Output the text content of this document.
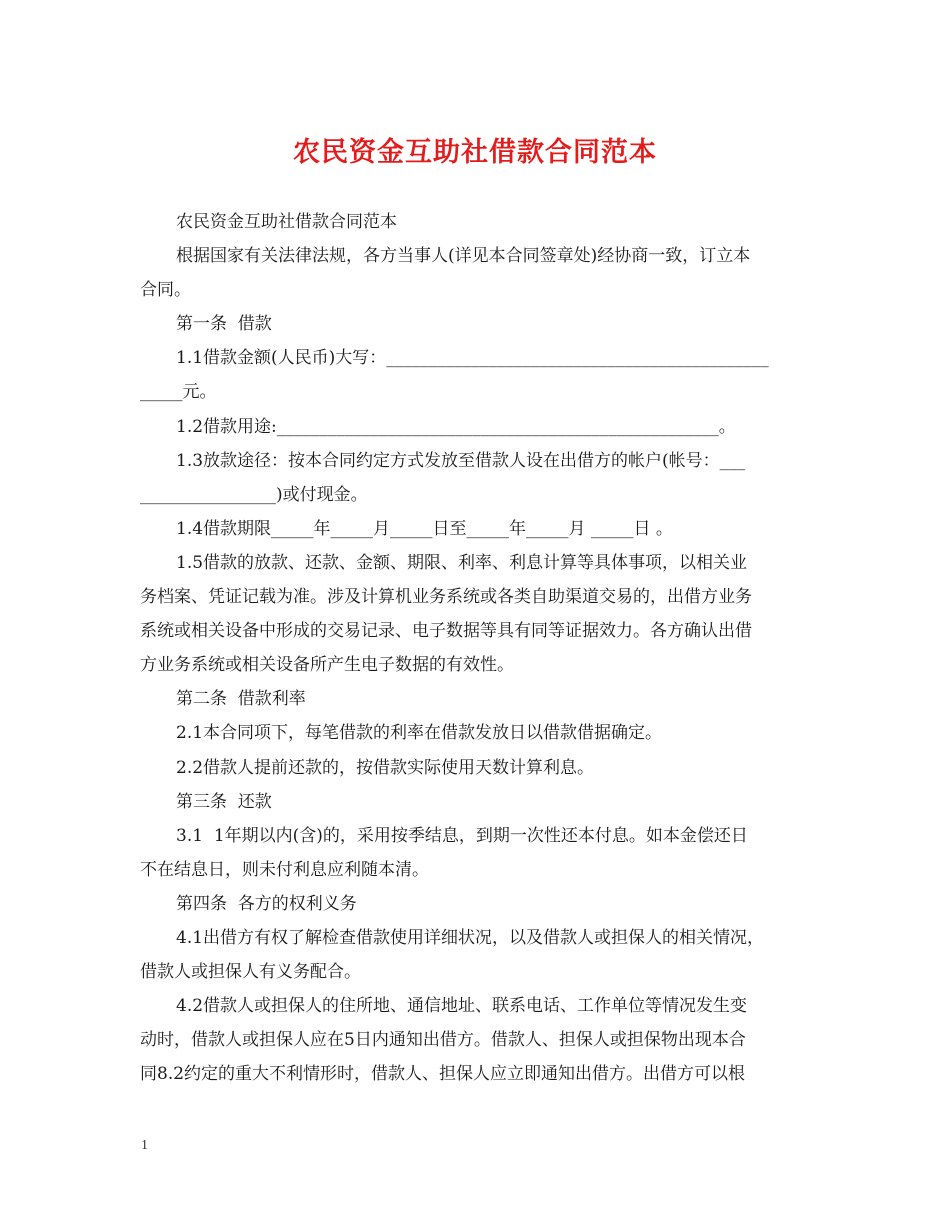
农民资金互助社借款合同范本
农民资金互助社借款合同范本
根据国家有关法律法规，各方当事人(详见本合同签章处)经协商一致，订立本
合同。
第一条  借款
1.1借款金额(人民币)大写：_____________________________________________
_____元。
1.2借款用途:____________________________________________________。
1.3放款途径：按本合同约定方式发放至借款人设在出借方的帐户(帐号：___
________________)或付现金。
1.4借款期限_____年_____月_____日至_____年_____月 _____日 。
1.5借款的放款、还款、金额、期限、利率、利息计算等具体事项，以相关业
务档案、凭证记载为准。涉及计算机业务系统或各类自助渠道交易的，出借方业务
系统或相关设备中形成的交易记录、电子数据等具有同等证据效力。各方确认出借
方业务系统或相关设备所产生电子数据的有效性。
第二条  借款利率
2.1本合同项下，每笔借款的利率在借款发放日以借款借据确定。
2.2借款人提前还款的，按借款实际使用天数计算利息。
第三条  还款
3.1  1年期以内(含)的，采用按季结息，到期一次性还本付息。如本金偿还日
不在结息日，则未付利息应利随本清。
第四条  各方的权利义务
4.1出借方有权了解检查借款使用详细状况，以及借款人或担保人的相关情况，
借款人或担保人有义务配合。
4.2借款人或担保人的住所地、通信地址、联系电话、工作单位等情况发生变
动时，借款人或担保人应在5日内通知出借方。借款人、担保人或担保物出现本合
同8.2约定的重大不利情形时，借款人、担保人应立即通知出借方。出借方可以根
1
